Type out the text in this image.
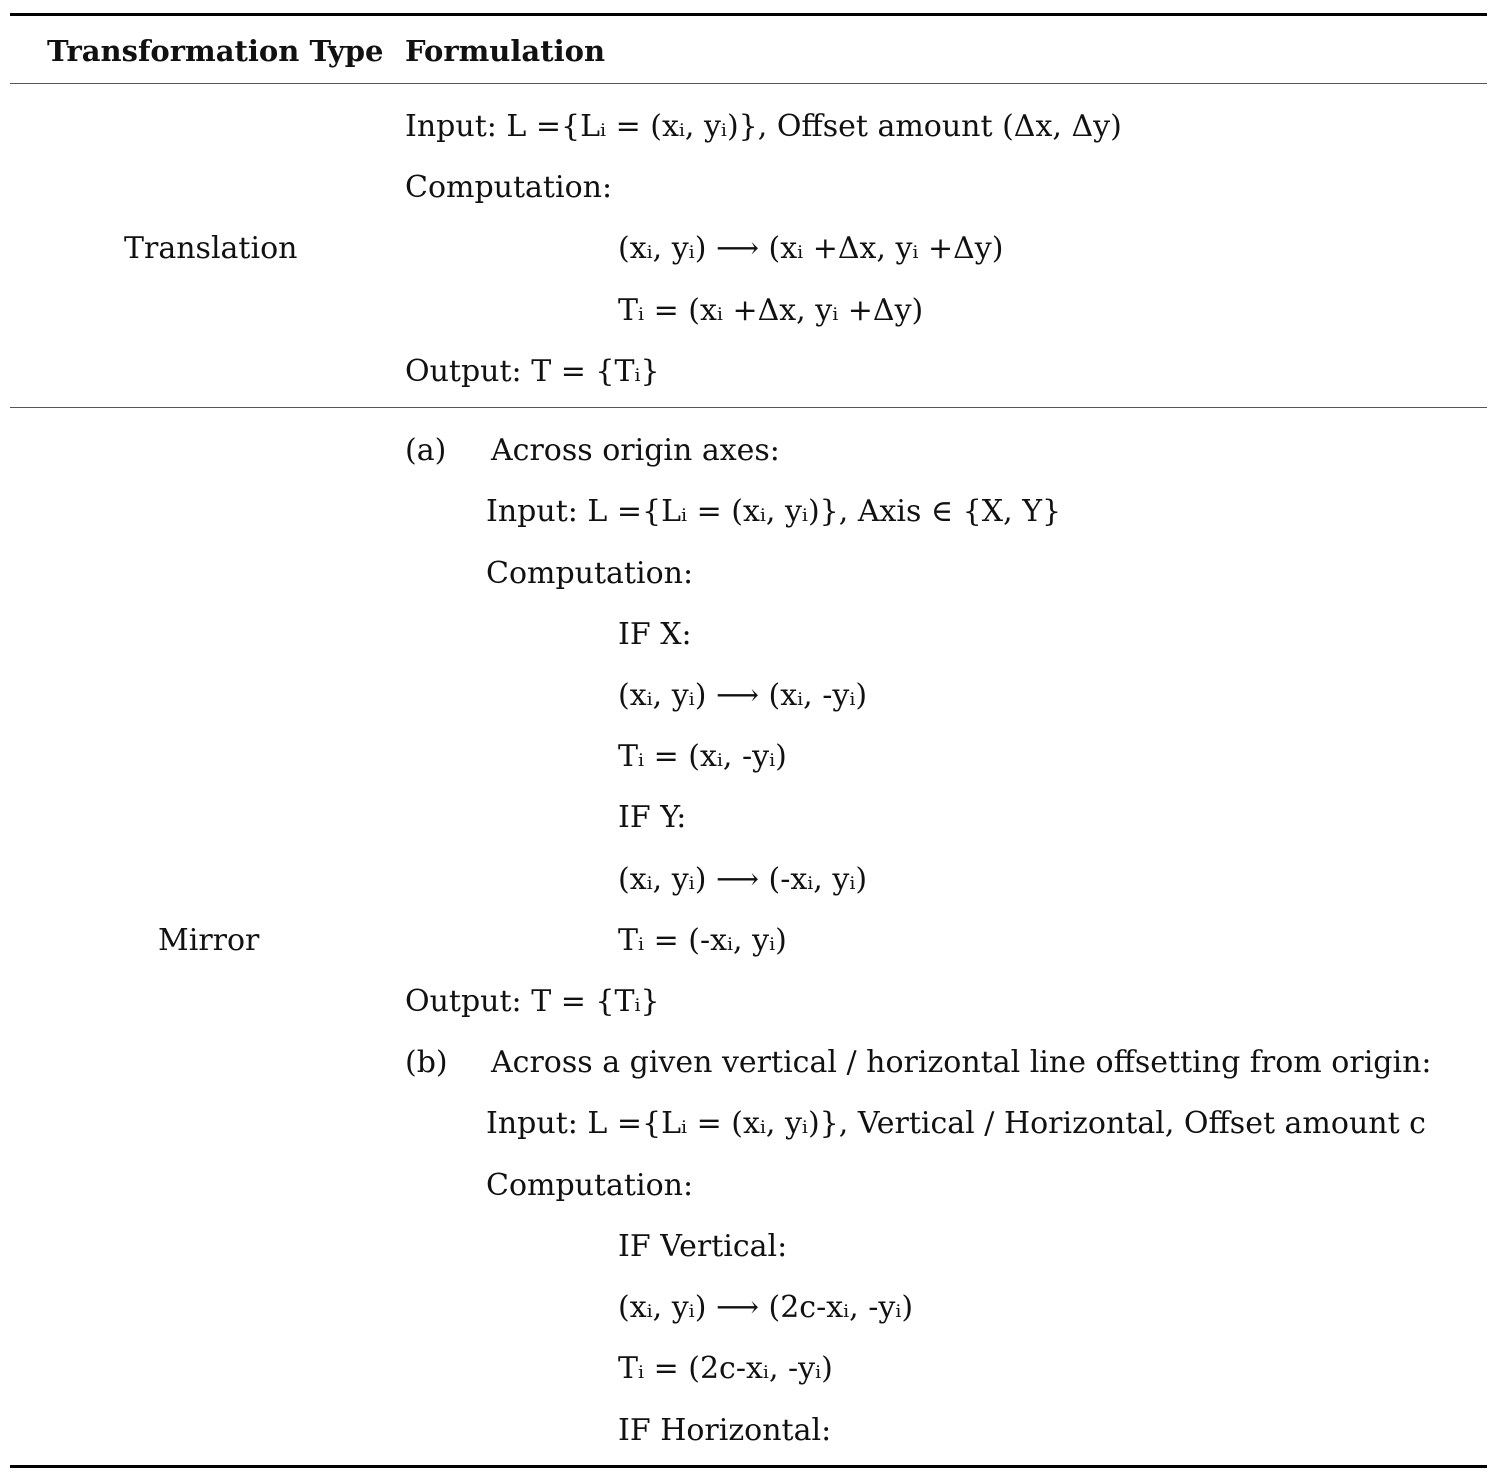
Transformation Type Formulation
Translation
Input: L ={Lᵢ = (xᵢ, yᵢ)}, Offset amount (Δx, Δy)
Computation:
(xᵢ, yᵢ) ⟶ (xᵢ +Δx, yᵢ +Δy)
Tᵢ = (xᵢ +Δx, yᵢ +Δy)
Output: T = {Tᵢ}
Mirror
(a) Across origin axes:
Input: L ={Lᵢ = (xᵢ, yᵢ)}, Axis ∈ {X, Y}
Computation:
IF X:
(xᵢ, yᵢ) ⟶ (xᵢ, -yᵢ)
Tᵢ = (xᵢ, -yᵢ)
IF Y:
(xᵢ, yᵢ) ⟶ (-xᵢ, yᵢ)
Tᵢ = (-xᵢ, yᵢ)
Output: T = {Tᵢ}
(b) Across a given vertical / horizontal line offsetting from origin:
Input: L ={Lᵢ = (xᵢ, yᵢ)}, Vertical / Horizontal, Offset amount c
Computation:
IF Vertical:
(xᵢ, yᵢ) ⟶ (2c-xᵢ, -yᵢ)
Tᵢ = (2c-xᵢ, -yᵢ)
IF Horizontal:
